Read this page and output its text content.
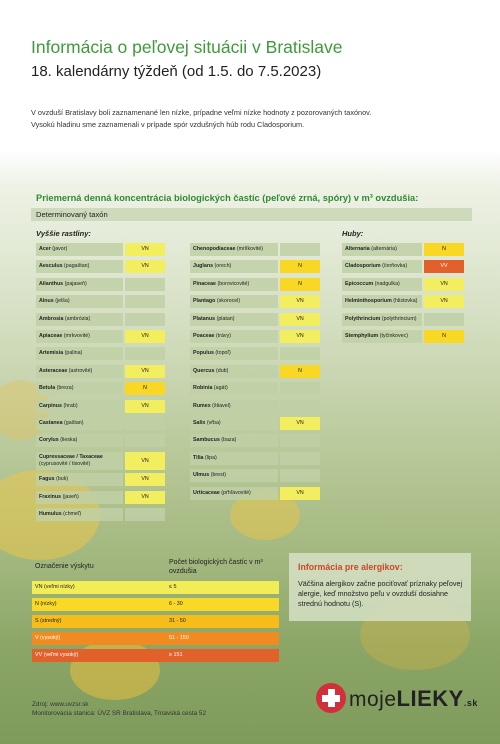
Informácia o peľovej situácii v Bratislave
18. kalendárny týždeň (od 1.5. do 7.5.2023)
V ovzduší Bratislavy boli zaznamenané len nízke, prípadne veľmi nízke hodnoty z pozorovaných taxónov.
Vysokú hladinu sme zaznamenali v prípade spór vzdušných húb rodu Cladosporium.
Priemerná denná koncentrácia biologických častíc (peľové zrná, spóry) v m³ ovzdušia:
Determinovaný taxón
Vyššie rastliny:	Huby:
Acer (javor)	VN
Aesculus (pagaštan)	VN
Ailanthus (pajaseň)
Alnus (jelša)
Ambrosia (ambrózia)
Apiaceae (mrkvovité)	VN
Artemisia (palina)
Asteraceae (astrovité)	VN
Betula (breza)	N
Carpinus (hrab)	VN
Castanea (gaštan)
Corylus (lieska)
Cupressaceae / Taxaceae
(cyprusovité / tisovité)	VN
Fagus (buk)	VN
Fraxinus (jaseň)	VN
Humulus (chmeľ)
Chenopodiaceae (mrlíkovité)
Juglans (orech)	N
Pinaceae (borovicovité)	N
Plantago (skorocel)	VN
Platanus (platan)	VN
Poaceae (trávy)	VN
Populus (topoľ)
Quercus (dub)	N
Robinia (agát)
Rumex (štiavel)
Salix (vŕba)	VN
Sambucus (baza)
Tilia (lipa)
Ulmus (brest)
Urticaceae (pŕhľavovité)	VN
Alternaria (alternária)	N
Cladosporium (čerňovka)	VV
Epicoccum (nadgulka)	VN
Helminthosporium (hlistovka)	VN
Polythrincium (polythrincium)
Stemphylium (tyčinkovec)	N
Označenie výskytu
Počet biologických častíc v m³ ovzdušia
VN (veľmi nízky)	≤ 5
N (nízky)	6 - 30
S (stredný)	31 - 50
V (vysoký)	51 - 150
VV (veľmi vysoký)	≥ 151
Informácia pre alergikov:
Väčšina alergikov začne pociťovať príznaky peľovej alergie, keď množstvo peľu v ovzduší dosiahne strednú hodnotu (S).
Zdroj: www.uvzsr.sk
Monitorovacia stanica: ÚVZ SR Bratislava, Trnavská cesta 52
mojeLIEKY.sk
